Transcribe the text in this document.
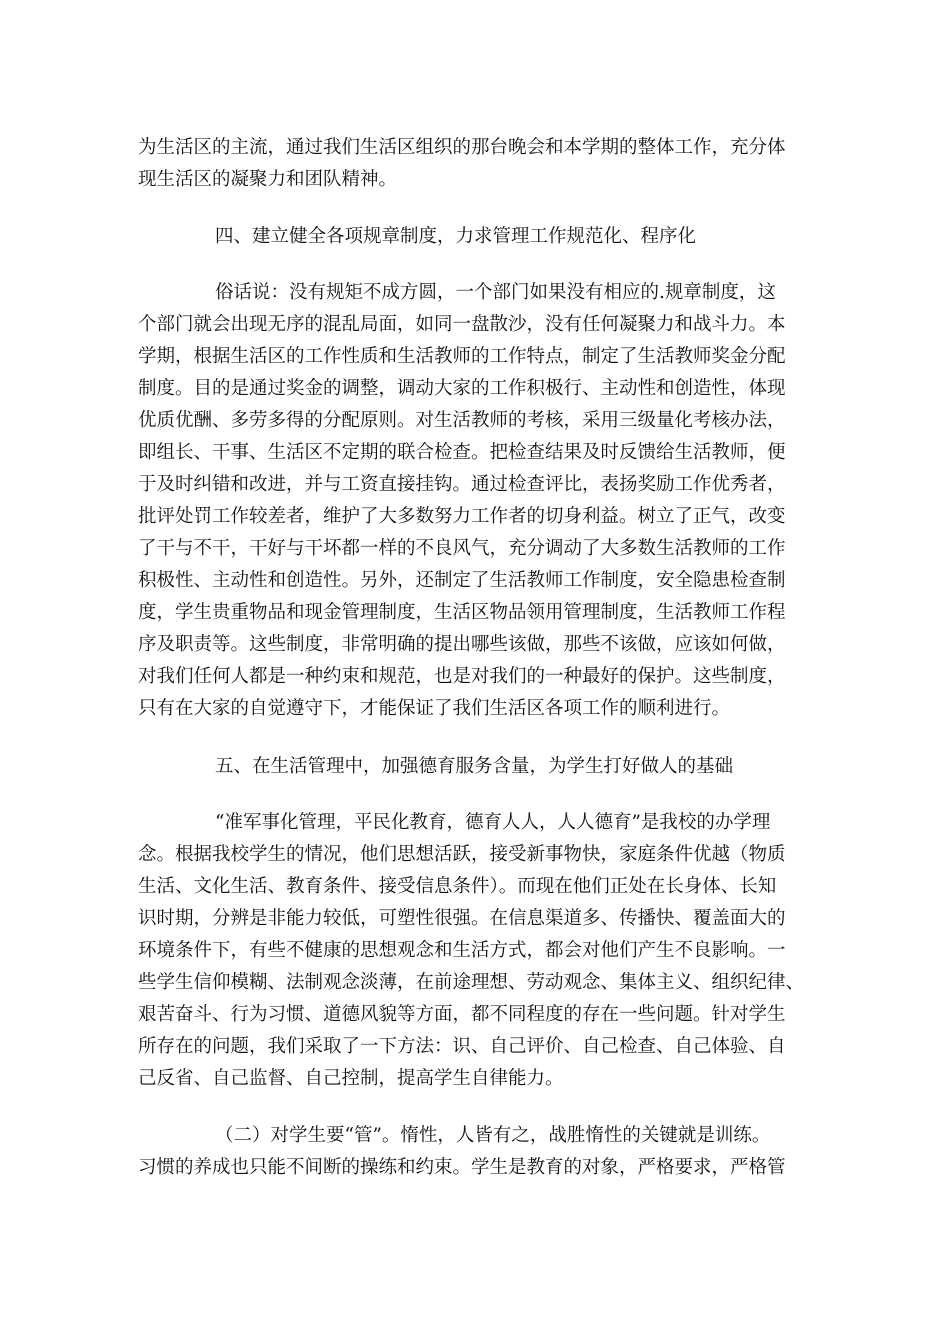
为生活区的主流，通过我们生活区组织的那台晚会和本学期的整体工作，充分体

现生活区的凝聚力和团队精神。

四、建立健全各项规章制度，力求管理工作规范化、程序化

俗话说：没有规矩不成方圆，一个部门如果没有相应的.规章制度，这

个部门就会出现无序的混乱局面，如同一盘散沙，没有任何凝聚力和战斗力。本

学期，根据生活区的工作性质和生活教师的工作特点，制定了生活教师奖金分配

制度。目的是通过奖金的调整，调动大家的工作积极行、主动性和创造性，体现

优质优酬、多劳多得的分配原则。对生活教师的考核，采用三级量化考核办法，

即组长、干事、生活区不定期的联合检查。把检查结果及时反馈给生活教师，便

于及时纠错和改进，并与工资直接挂钩。通过检查评比，表扬奖励工作优秀者，

批评处罚工作较差者，维护了大多数努力工作者的切身利益。树立了正气，改变

了干与不干，干好与干坏都一样的不良风气，充分调动了大多数生活教师的工作

积极性、主动性和创造性。另外，还制定了生活教师工作制度，安全隐患检查制

度，学生贵重物品和现金管理制度，生活区物品领用管理制度，生活教师工作程

序及职责等。这些制度，非常明确的提出哪些该做，那些不该做，应该如何做，

对我们任何人都是一种约束和规范，也是对我们的一种最好的保护。这些制度，

只有在大家的自觉遵守下，才能保证了我们生活区各项工作的顺利进行。

五、在生活管理中，加强德育服务含量，为学生打好做人的基础

“准军事化管理，平民化教育，德育人人，人人德育”是我校的办学理

念。根据我校学生的情况，他们思想活跃，接受新事物快，家庭条件优越（物质

生活、文化生活、教育条件、接受信息条件）。而现在他们正处在长身体、长知

识时期，分辨是非能力较低，可塑性很强。在信息渠道多、传播快、覆盖面大的

环境条件下，有些不健康的思想观念和生活方式，都会对他们产生不良影响。一

些学生信仰模糊、法制观念淡薄，在前途理想、劳动观念、集体主义、组织纪律、

艰苦奋斗、行为习惯、道德风貌等方面，都不同程度的存在一些问题。针对学生

所存在的问题，我们采取了一下方法：识、自己评价、自己检查、自己体验、自

己反省、自己监督、自己控制，提高学生自律能力。

（二）对学生要“管”。惰性，人皆有之，战胜惰性的关键就是训练。

习惯的养成也只能不间断的操练和约束。学生是教育的对象，严格要求，严格管
